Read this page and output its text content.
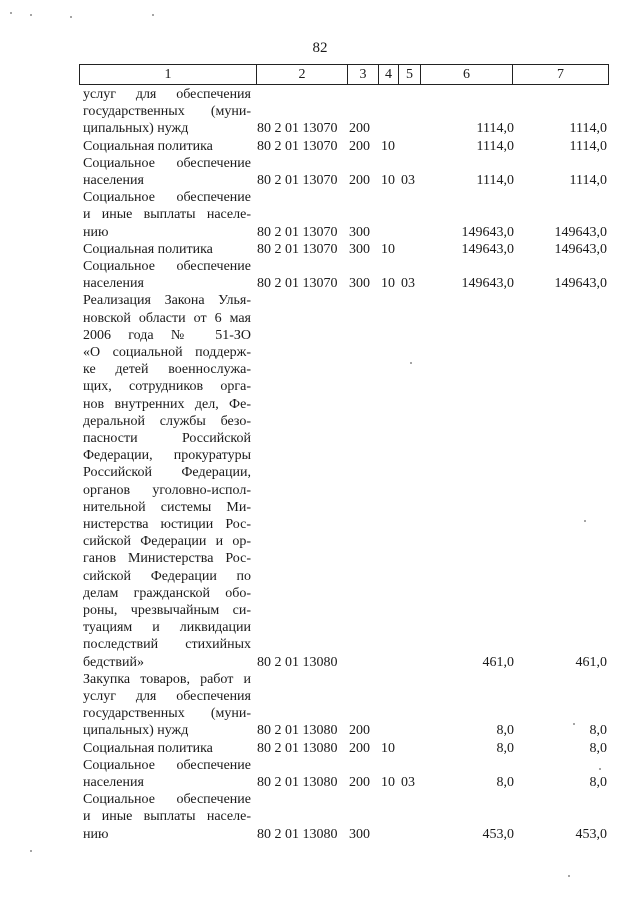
82
1	2	3	4	5	6	7
услуг для обеспечения
государственных (муни-
ципальных) нужд	80 2 01 13070 200	1114,0	1114,0
Социальная политика	80 2 01 13070 200 10	1114,0	1114,0
Социальное обеспечение
населения	80 2 01 13070 200 10 03	1114,0	1114,0
Социальное обеспечение
и иные выплаты населе-
нию	80 2 01 13070 300	149643,0	149643,0
Социальная политика	80 2 01 13070 300 10	149643,0	149643,0
Социальное обеспечение
населения	80 2 01 13070 300 10 03	149643,0	149643,0
Реализация Закона Улья-
новской области от 6 мая
2006 года № 51-ЗО
«О социальной поддерж-
ке детей военнослужа-
щих, сотрудников орга-
нов внутренних дел, Фе-
деральной службы безо-
пасности Российской
Федерации, прокуратуры
Российской Федерации,
органов уголовно-испол-
нительной системы Ми-
нистерства юстиции Рос-
сийской Федерации и ор-
ганов Министерства Рос-
сийской Федерации по
делам гражданской обо-
роны, чрезвычайным си-
туациям и ликвидации
последствий стихийных
бедствий»	80 2 01 13080	461,0	461,0
Закупка товаров, работ и
услуг для обеспечения
государственных (муни-
ципальных) нужд	80 2 01 13080 200	8,0	8,0
Социальная политика	80 2 01 13080 200 10	8,0	8,0
Социальное обеспечение
населения	80 2 01 13080 200 10 03	8,0	8,0
Социальное обеспечение
и иные выплаты населе-
нию	80 2 01 13080 300	453,0	453,0
